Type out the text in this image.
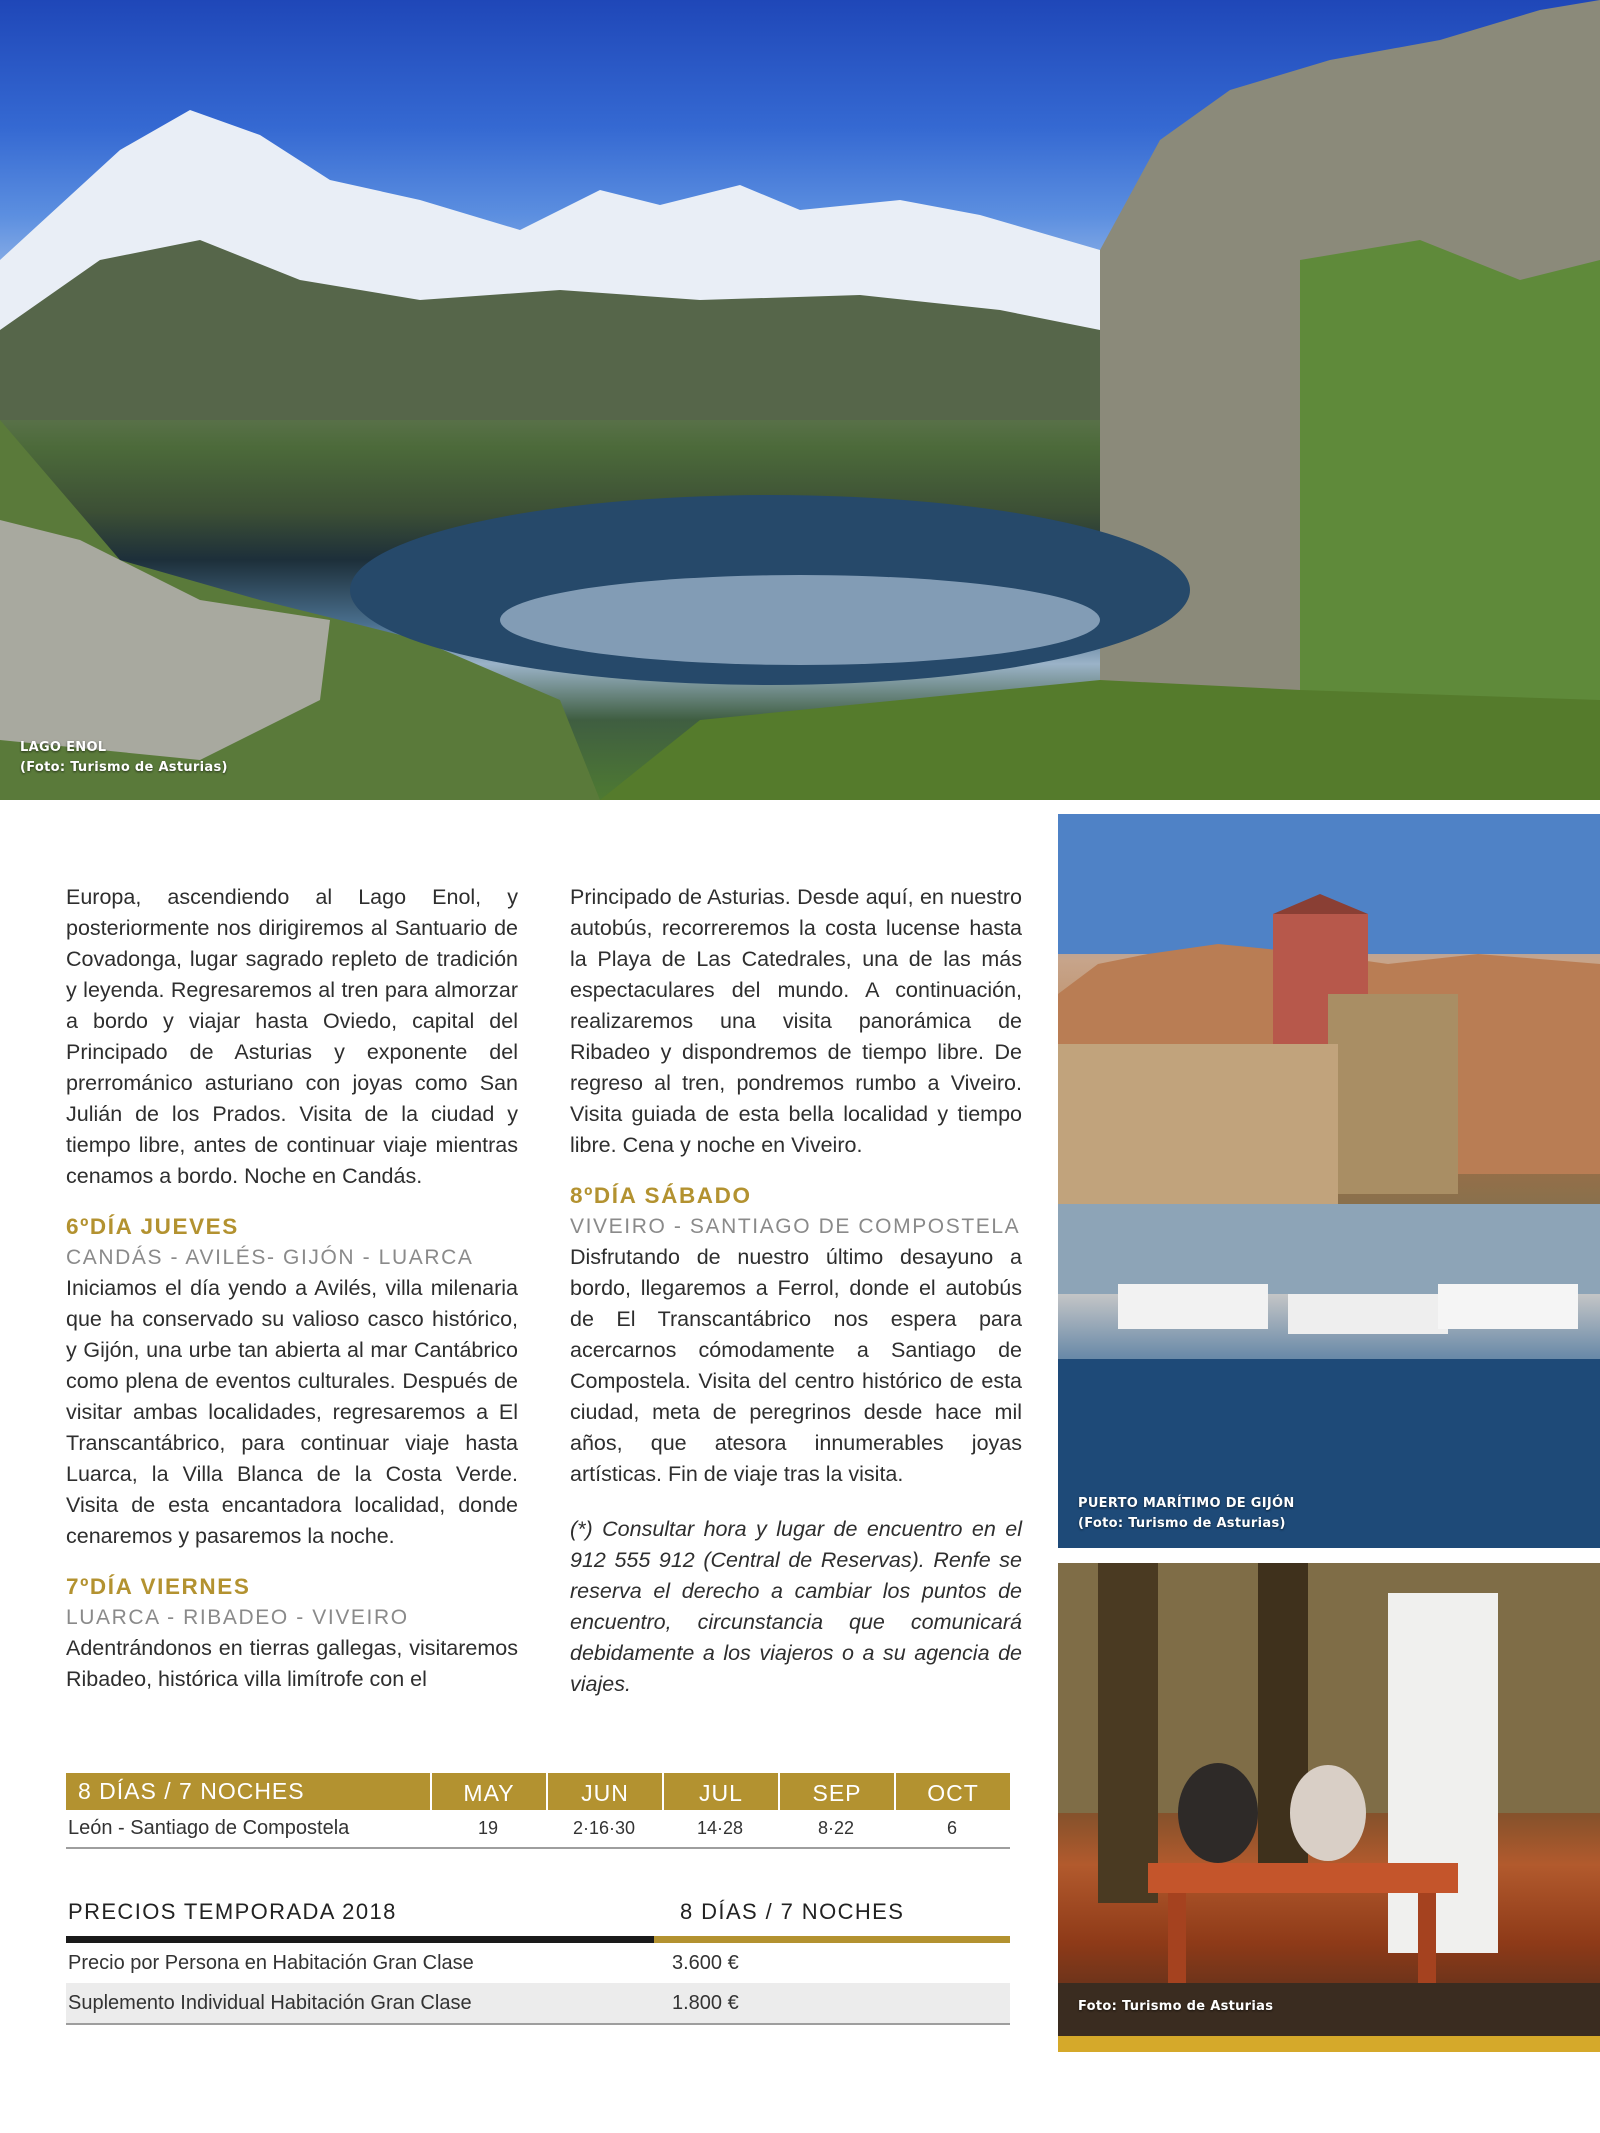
LAGO ENOL
(Foto: Turismo de Asturias)
PUERTO MARÍTIMO DE GIJÓN
(Foto: Turismo de Asturias)
Foto: Turismo de Asturias

Europa, ascendiendo al Lago Enol, y posteriormente nos dirigiremos al Santuario de Covadonga, lugar sagrado repleto de tradición y leyenda. Regresaremos al tren para almorzar a bordo y viajar hasta Oviedo, capital del Principado de Asturias y exponente del prerrománico asturiano con joyas como San Julián de los Prados. Visita de la ciudad y tiempo libre, antes de continuar viaje mientras cenamos a bordo. Noche en Candás.

6ºDÍA JUEVES
CANDÁS - AVILÉS- GIJÓN - LUARCA

Iniciamos el día yendo a Avilés, villa milenaria que ha conservado su valioso casco histórico, y Gijón, una urbe tan abierta al mar Cantábrico como plena de eventos culturales. Después de visitar ambas localidades, regresaremos a El Transcantábrico, para continuar viaje hasta Luarca, la Villa Blanca de la Costa Verde. Visita de esta encantadora localidad, donde cenaremos y pasaremos la noche.

7ºDÍA VIERNES
LUARCA - RIBADEO - VIVEIRO

Adentrándonos en tierras gallegas, visitaremos Ribadeo, histórica villa limítrofe con el

Principado de Asturias. Desde aquí, en nuestro autobús, recorreremos la costa lucense hasta la Playa de Las Catedrales, una de las más espectaculares del mundo. A continuación, realizaremos una visita panorámica de Ribadeo y dispondremos de tiempo libre. De regreso al tren, pondremos rumbo a Viveiro. Visita guiada de esta bella localidad y tiempo libre. Cena y noche en Viveiro.

8ºDÍA SÁBADO
VIVEIRO - SANTIAGO DE COMPOSTELA

Disfrutando de nuestro último desayuno a bordo, llegaremos a Ferrol, donde el autobús de El Transcantábrico nos espera para acercarnos cómodamente a Santiago de Compostela. Visita del centro histórico de esta ciudad, meta de peregrinos desde hace mil años, que atesora innumerables joyas artísticas. Fin de viaje tras la visita.

(*) Consultar hora y lugar de encuentro en el 912 555 912 (Central de Reservas). Renfe se reserva el derecho a cambiar los puntos de encuentro, circunstancia que comunicará debidamente a los viajeros o a su agencia de viajes.

8 DÍAS / 7 NOCHES	MAY	JUN	JUL	SEP	OCT
León - Santiago de Compostela	19	2·16·30	14·28	8·22	6
PRECIOS TEMPORADA 2018	8 DÍAS / 7 NOCHES
Precio por Persona en Habitación Gran Clase	3.600 €
Suplemento Individual Habitación Gran Clase	1.800 €
